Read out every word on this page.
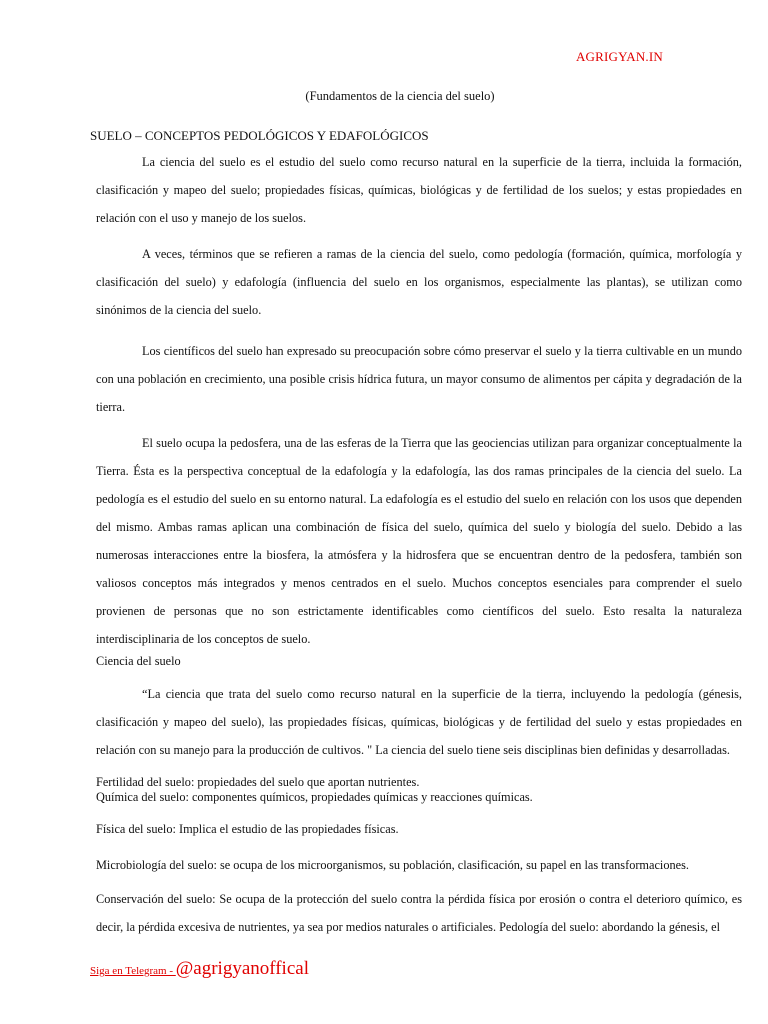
AGRIGYAN.IN
(Fundamentos de la ciencia del suelo)
SUELO – CONCEPTOS PEDOLÓGICOS Y EDAFOLÓGICOS

La ciencia del suelo es el estudio del suelo como recurso natural en la superficie de la tierra, incluida la formación, clasificación y mapeo del suelo; propiedades físicas, químicas, biológicas y de fertilidad de los suelos; y estas propiedades en relación con el uso y manejo de los suelos.

A veces, términos que se refieren a ramas de la ciencia del suelo, como pedología (formación, química, morfología y clasificación del suelo) y edafología (influencia del suelo en los organismos, especialmente las plantas), se utilizan como sinónimos de la ciencia del suelo.

Los científicos del suelo han expresado su preocupación sobre cómo preservar el suelo y la tierra cultivable en un mundo con una población en crecimiento, una posible crisis hídrica futura, un mayor consumo de alimentos per cápita y degradación de la tierra.

El suelo ocupa la pedosfera, una de las esferas de la Tierra que las geociencias utilizan para organizar conceptualmente la Tierra. Ésta es la perspectiva conceptual de la edafología y la edafología, las dos ramas principales de la ciencia del suelo. La pedología es el estudio del suelo en su entorno natural. La edafología es el estudio del suelo en relación con los usos que dependen del mismo. Ambas ramas aplican una combinación de física del suelo, química del suelo y biología del suelo. Debido a las numerosas interacciones entre la biosfera, la atmósfera y la hidrosfera que se encuentran dentro de la pedosfera, también son valiosos conceptos más integrados y menos centrados en el suelo. Muchos conceptos esenciales para comprender el suelo provienen de personas que no son estrictamente identificables como científicos del suelo. Esto resalta la naturaleza interdisciplinaria de los conceptos de suelo.

Ciencia del suelo

“La ciencia que trata del suelo como recurso natural en la superficie de la tierra, incluyendo la pedología (génesis, clasificación y mapeo del suelo), las propiedades físicas, químicas, biológicas y de fertilidad del suelo y estas propiedades en relación con su manejo para la producción de cultivos. " La ciencia del suelo tiene seis disciplinas bien definidas y desarrolladas.

Fertilidad del suelo: propiedades del suelo que aportan nutrientes.
Química del suelo: componentes químicos, propiedades químicas y reacciones químicas.
Física del suelo: Implica el estudio de las propiedades físicas.
Microbiología del suelo: se ocupa de los microorganismos, su población, clasificación, su papel en las transformaciones.

Conservación del suelo: Se ocupa de la protección del suelo contra la pérdida física por erosión o contra el deterioro químico, es decir, la pérdida excesiva de nutrientes, ya sea por medios naturales o artificiales. Pedología del suelo: abordando la génesis, el

Siga en Telegram - @agrigyanoffical
